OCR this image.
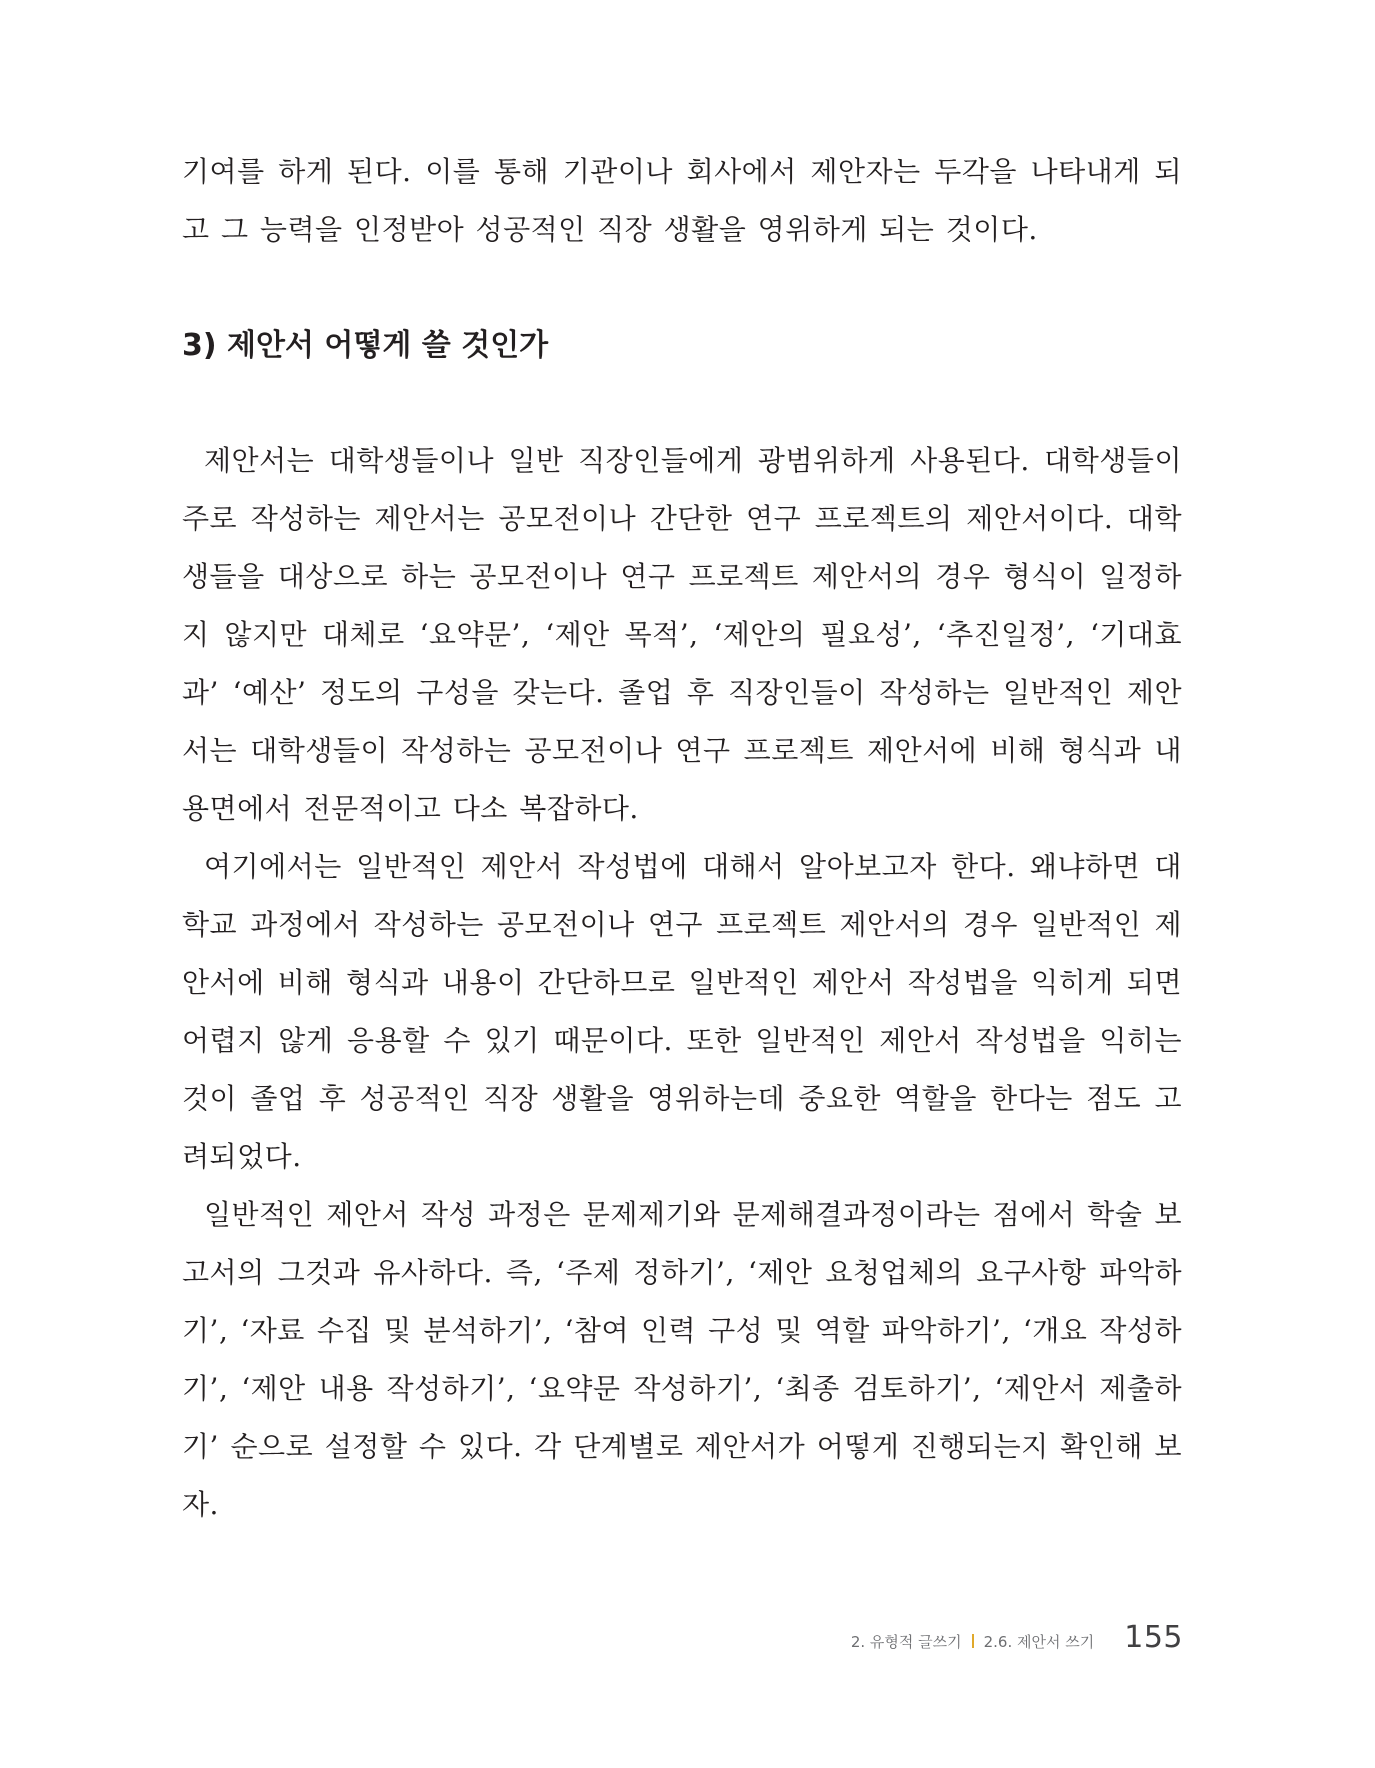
기여를 하게 된다. 이를 통해 기관이나 회사에서 제안자는 두각을 나타내게 되고 그 능력을 인정받아 성공적인 직장 생활을 영위하게 되는 것이다.

3) 제안서 어떻게 쓸 것인가

제안서는 대학생들이나 일반 직장인들에게 광범위하게 사용된다. 대학생들이 주로 작성하는 제안서는 공모전이나 간단한 연구 프로젝트의 제안서이다. 대학생들을 대상으로 하는 공모전이나 연구 프로젝트 제안서의 경우 형식이 일정하지 않지만 대체로 ‘요약문’, ‘제안 목적’, ‘제안의 필요성’, ‘추진일정’, ‘기대효과’ ‘예산’ 정도의 구성을 갖는다. 졸업 후 직장인들이 작성하는 일반적인 제안서는 대학생들이 작성하는 공모전이나 연구 프로젝트 제안서에 비해 형식과 내용면에서 전문적이고 다소 복잡하다.

여기에서는 일반적인 제안서 작성법에 대해서 알아보고자 한다. 왜냐하면 대학교 과정에서 작성하는 공모전이나 연구 프로젝트 제안서의 경우 일반적인 제안서에 비해 형식과 내용이 간단하므로 일반적인 제안서 작성법을 익히게 되면 어렵지 않게 응용할 수 있기 때문이다. 또한 일반적인 제안서 작성법을 익히는 것이 졸업 후 성공적인 직장 생활을 영위하는데 중요한 역할을 한다는 점도 고려되었다.

일반적인 제안서 작성 과정은 문제제기와 문제해결과정이라는 점에서 학술 보고서의 그것과 유사하다. 즉, ‘주제 정하기’, ‘제안 요청업체의 요구사항 파악하기’, ‘자료 수집 및 분석하기’, ‘참여 인력 구성 및 역할 파악하기’, ‘개요 작성하기’, ‘제안 내용 작성하기’, ‘요약문 작성하기’, ‘최종 검토하기’, ‘제안서 제출하기’ 순으로 설정할 수 있다. 각 단계별로 제안서가 어떻게 진행되는지 확인해 보자.

2. 유형적 글쓰기 2.6. 제안서 쓰기 155
